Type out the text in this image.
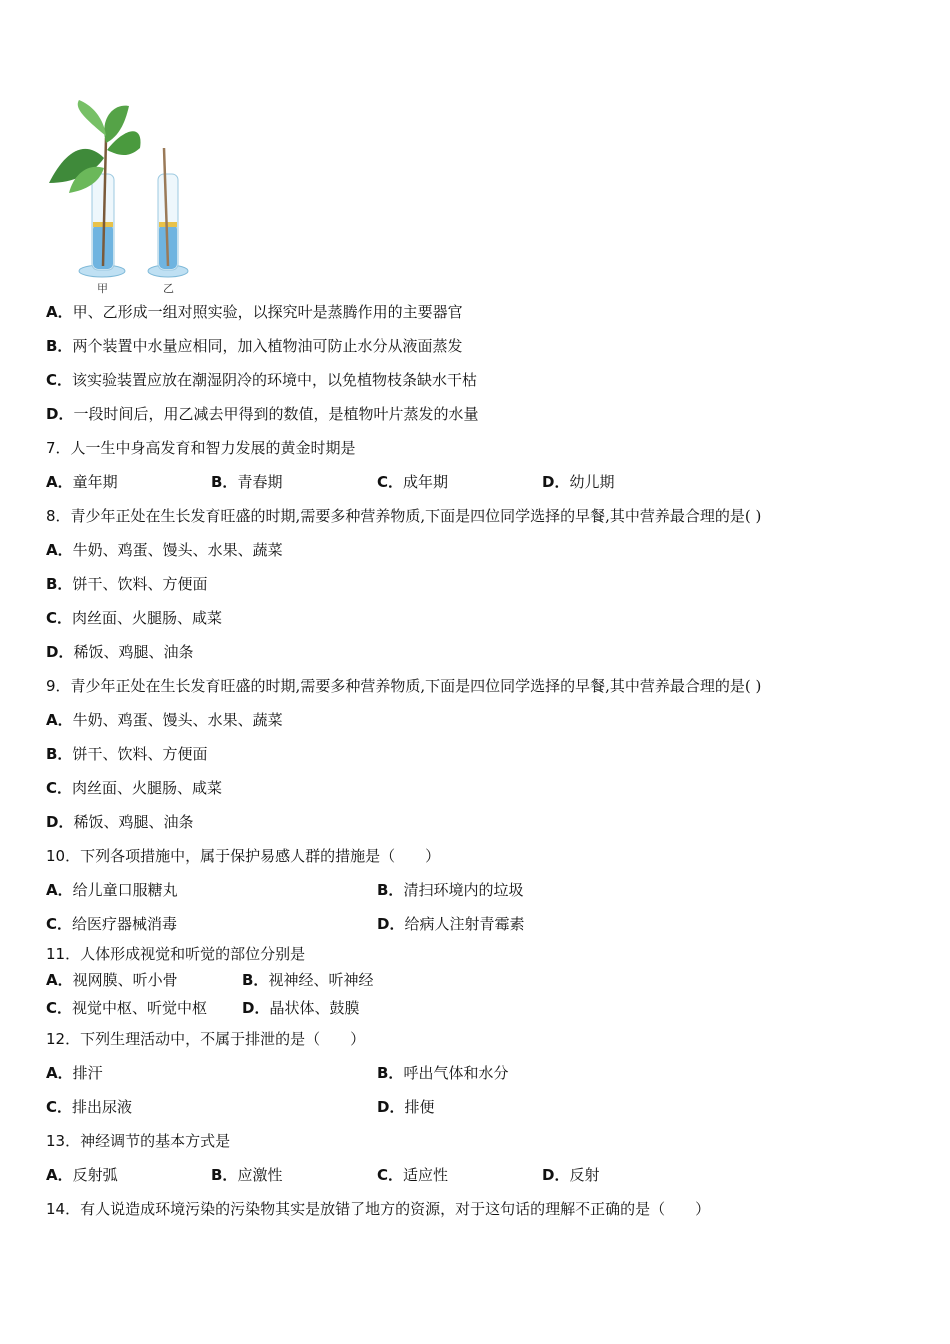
甲	乙
A．甲、乙形成一组对照实验，以探究叶是蒸腾作用的主要器官
B．两个装置中水量应相同，加入植物油可防止水分从液面蒸发
C．该实验装置应放在潮湿阴冷的环境中，以免植物枝条缺水干枯
D．一段时间后，用乙减去甲得到的数值，是植物叶片蒸发的水量
7．人一生中身高发育和智力发展的黄金时期是
A．童年期	B．青春期	C．成年期	D．幼儿期
8．青少年正处在生长发育旺盛的时期,需要多种营养物质,下面是四位同学选择的早餐,其中营养最合理的是( )
A．牛奶、鸡蛋、馒头、水果、蔬菜
B．饼干、饮料、方便面
C．肉丝面、火腿肠、咸菜
D．稀饭、鸡腿、油条
9．青少年正处在生长发育旺盛的时期,需要多种营养物质,下面是四位同学选择的早餐,其中营养最合理的是( )
A．牛奶、鸡蛋、馒头、水果、蔬菜
B．饼干、饮料、方便面
C．肉丝面、火腿肠、咸菜
D．稀饭、鸡腿、油条
10．下列各项措施中，属于保护易感人群的措施是（　　）
A．给儿童口服糖丸	B．清扫环境内的垃圾
C．给医疗器械消毒	D．给病人注射青霉素
11．人体形成视觉和听觉的部位分别是
A．视网膜、听小骨	B．视神经、听神经
C．视觉中枢、听觉中枢 D．晶状体、鼓膜
12．下列生理活动中，不属于排泄的是（　　）
A．排汗	B．呼出气体和水分
C．排出尿液	D．排便
13．神经调节的基本方式是
A．反射弧	B．应激性	C．适应性	D．反射
14．有人说造成环境污染的污染物其实是放错了地方的资源，对于这句话的理解不正确的是（　　）
